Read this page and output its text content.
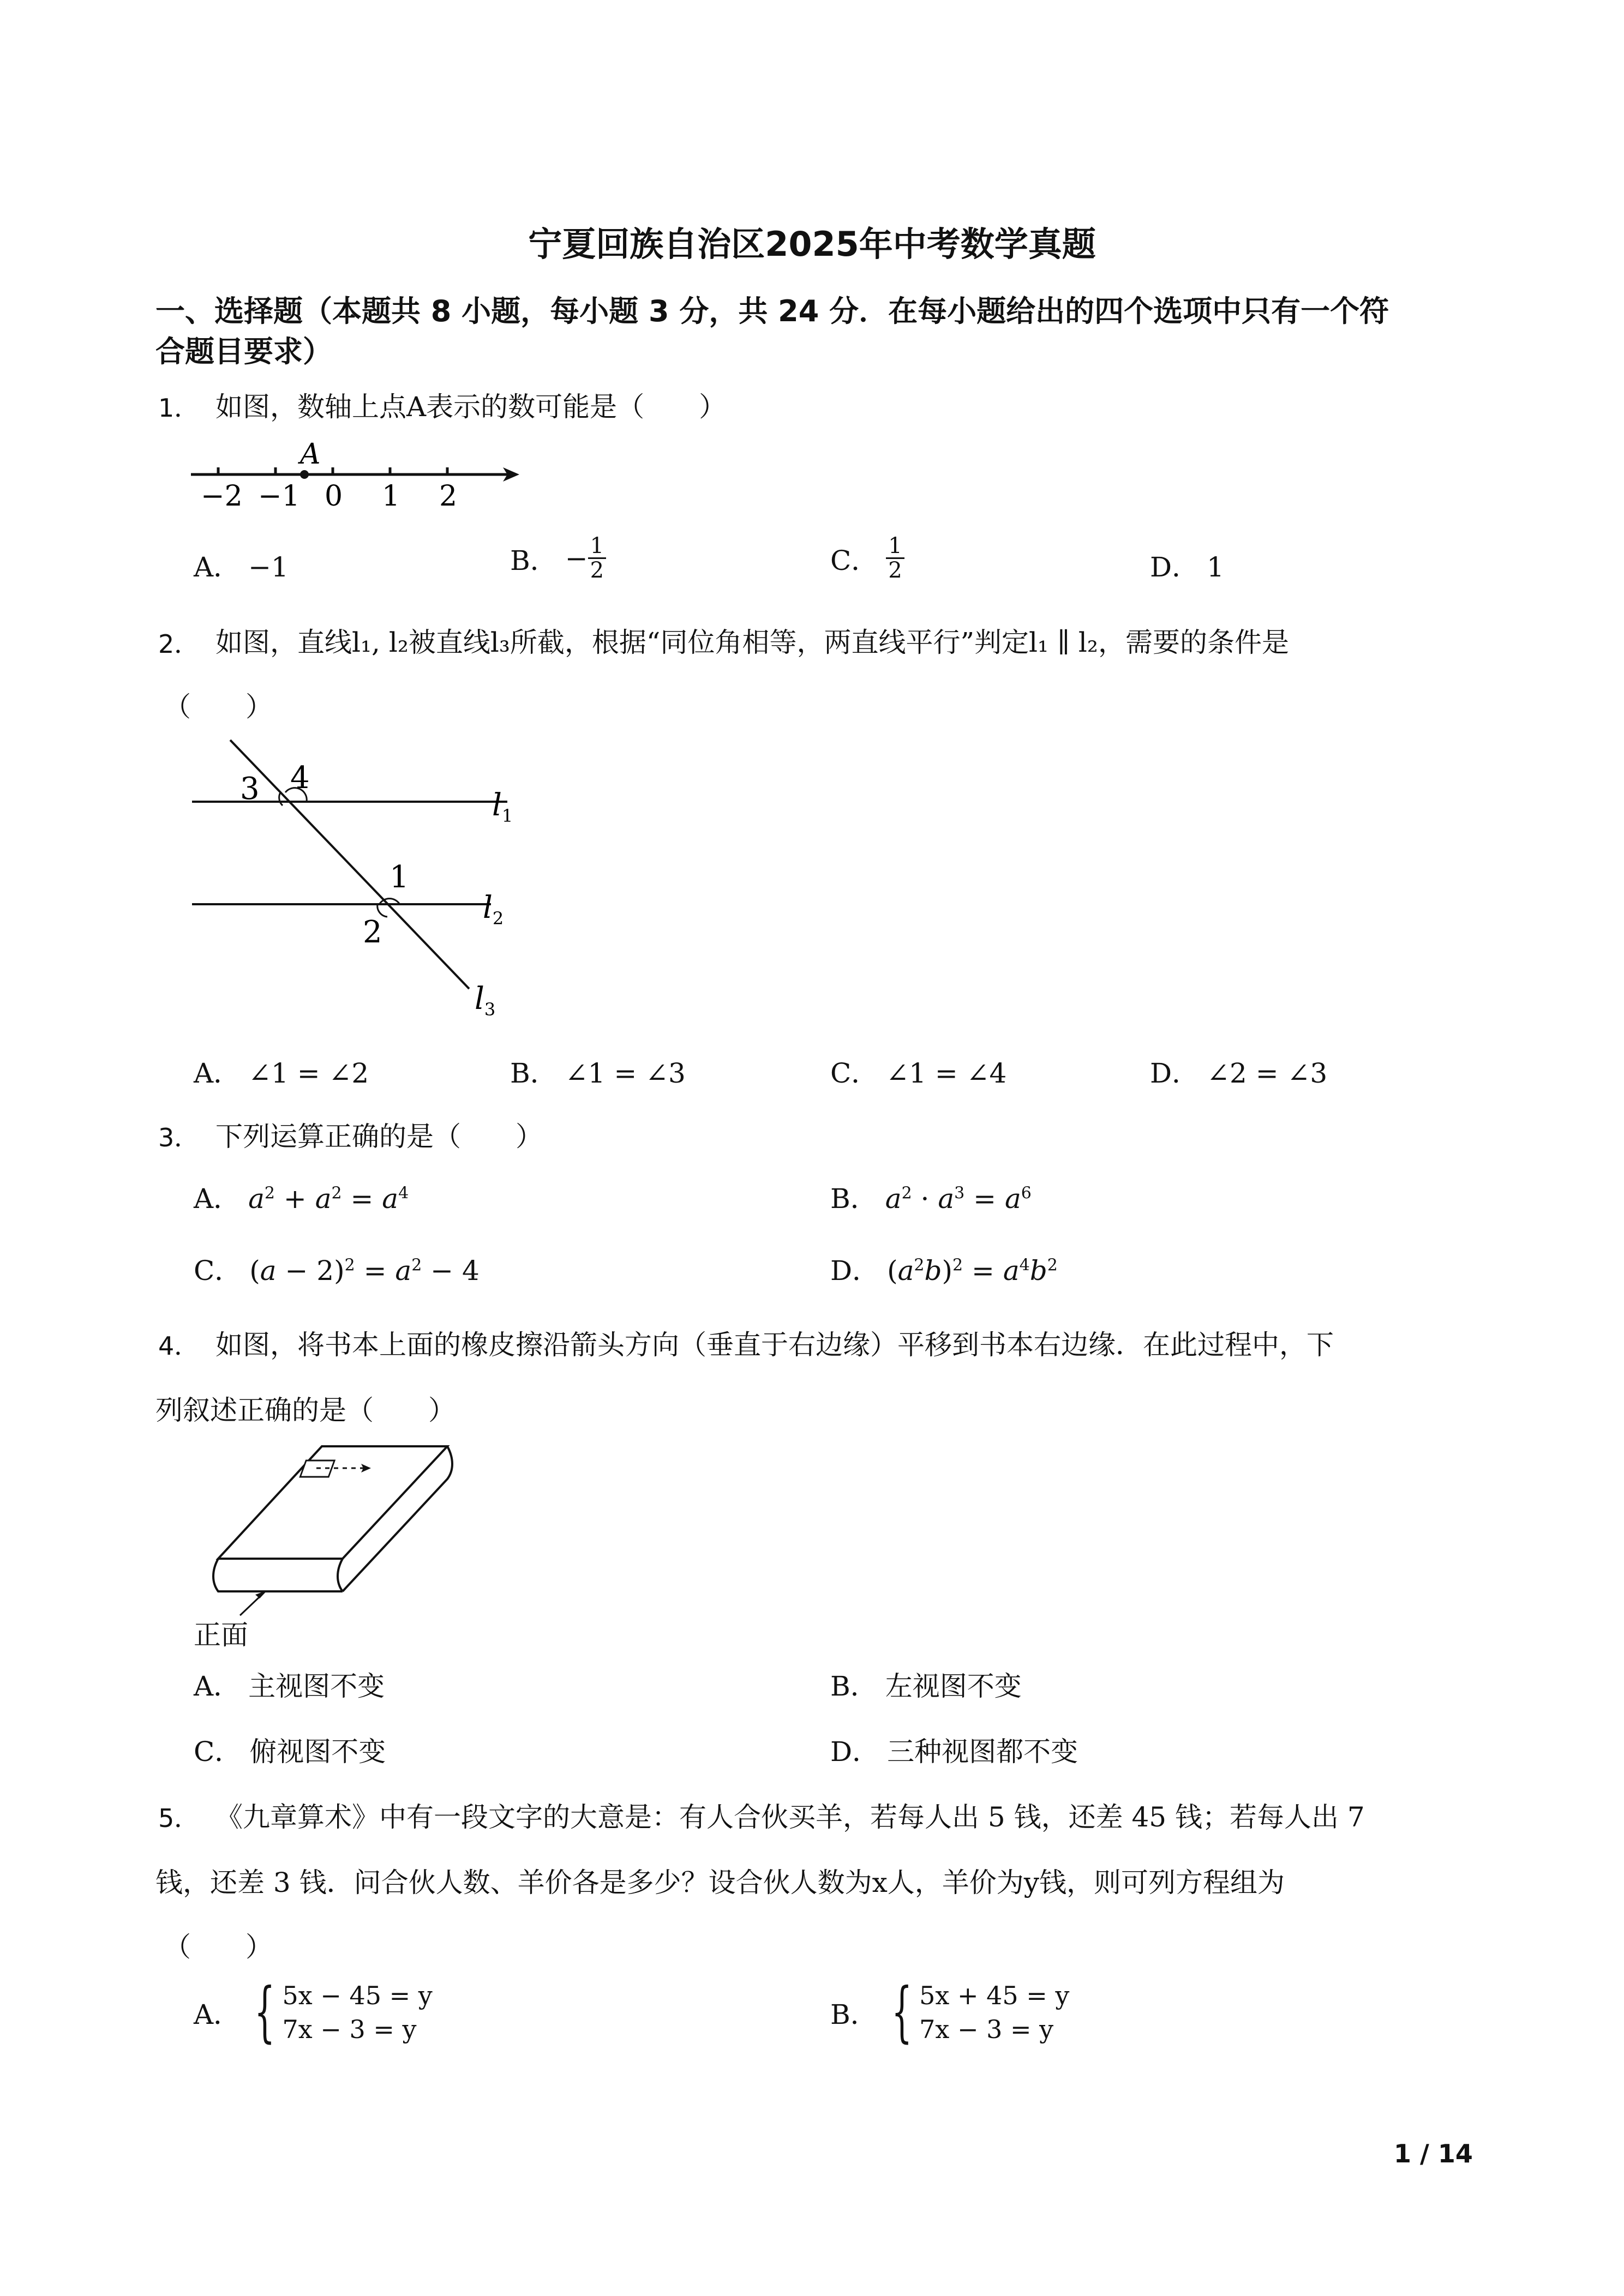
宁夏回族自治区2025年中考数学真题
一、选择题（本题共 8 小题，每小题 3 分，共 24 分．在每小题给出的四个选项中只有一个符
合题目要求）
1． 如图，数轴上点A表示的数可能是（　　）
A
−2 −1 0 1 2
A． −1	B． − $\frac{1}{2}$	C． $\frac{1}{2}$	D． 1
2． 如图，直线l₁, l₂被直线l₃所截，根据“同位角相等，两直线平行”判定l₁ ∥ l₂，需要的条件是
（　　）
3 4
1
2
$l_1$
$l_2$
$l_3$
A． ∠1 = ∠2	B． ∠1 = ∠3	C． ∠1 = ∠4	D． ∠2 = ∠3
3． 下列运算正确的是（　　）
A． $a^2 + a^2 = a^4$	B． $a^2 \cdot a^3 = a^6$
C． $(a - 2)^2 = a^2 - 4$	D． $(a^2b)^2 = a^4b^2$
4． 如图，将书本上面的橡皮擦沿箭头方向（垂直于右边缘）平移到书本右边缘．在此过程中，下
列叙述正确的是（　　）
正面
A． 主视图不变	B． 左视图不变
C． 俯视图不变	D． 三种视图都不变
5． 《九章算术》中有一段文字的大意是：有人合伙买羊，若每人出 5 钱，还差 45 钱；若每人出 7
钱，还差 3 钱．问合伙人数、羊价各是多少？设合伙人数为x人，羊价为y钱，则可列方程组为
（　　）
A． { 5x − 45 = y
7x − 3 = y	B． { 5x + 45 = y
7x − 3 = y
1 / 14
